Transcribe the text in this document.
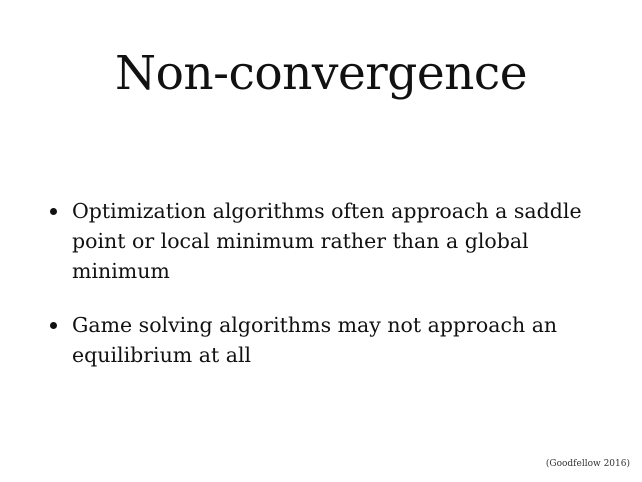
Non-convergence
Optimization algorithms often approach a saddle point or local minimum rather than a global minimum
Game solving algorithms may not approach an equilibrium at all
(Goodfellow 2016)
